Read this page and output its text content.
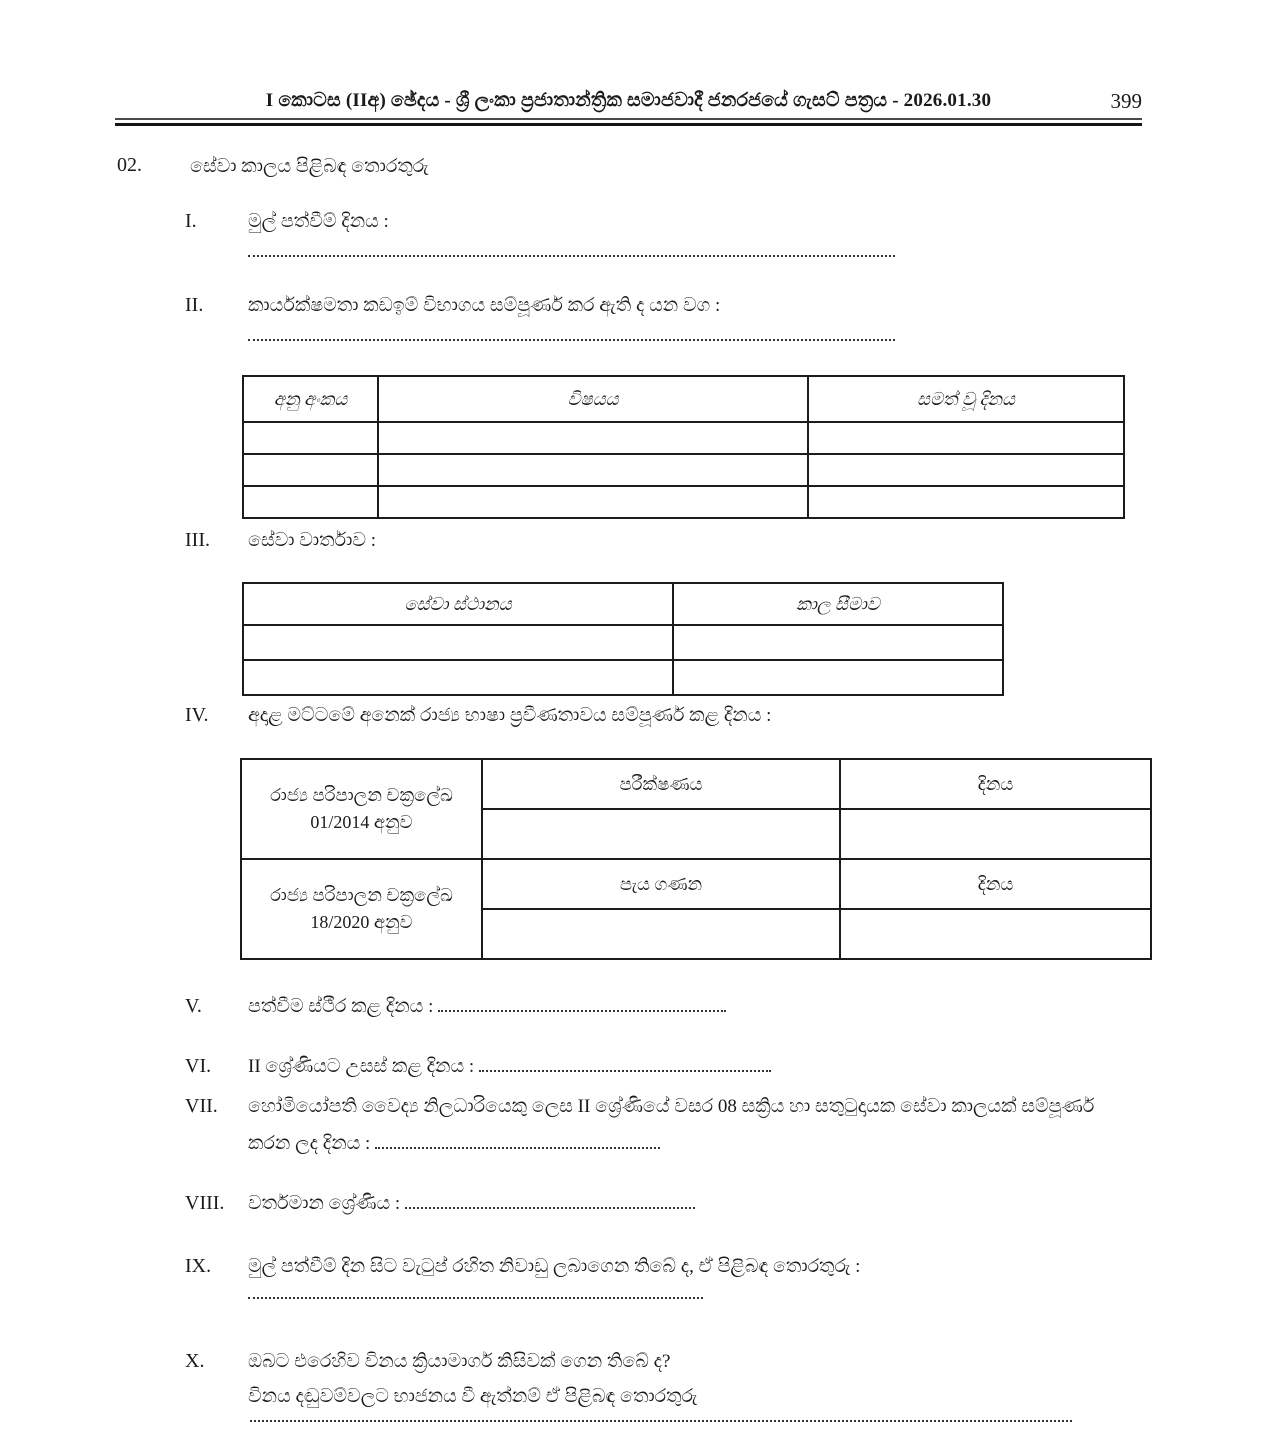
I කොටස (IIඅ) ඡේදය - ශ්‍රී ලංකා ප්‍රජාතාන්ත්‍රික සමාජවාදී ජනරජයේ ගැසට් පත්‍රය - 2026.01.30	399
02.	සේවා කාලය පිළිබඳ තොරතුරු
I.	මුල් පත්වීම් දිනය :
II.	කාර්යක්ෂමතා කඩඉම් විභාගය සම්පූර්ණ කර ඇති ද යන වග :
අනු අංකය	විෂයය	සමත් වූ දිනය

III.	සේවා වාර්තාව :
සේවා ස්ථානය	කාල සීමාව

IV.	අදාළ මට්ටමේ අනෙක් රාජ්‍ය භාෂා ප්‍රවීණතාවය සම්පූර්ණ කළ දිනය :
රාජ්‍ය පරිපාලන චක්‍රලේඛ
01/2014 අනුව	පරීක්ෂණය	දිනය

රාජ්‍ය පරිපාලන චක්‍රලේඛ
18/2020 අනුව	පැය ගණන	දිනය

V.	පත්වීම ස්ථීර කළ දිනය :
VI.	II ශ්‍රේණියට උසස් කළ දිනය :
VII.	හෝමියෝපති වෛද්‍ය නිලධාරියෙකු ලෙස II ශ්‍රේණියේ වසර 08 සක්‍රිය හා සතුටුදායක සේවා කාලයක් සම්පූර්ණ
කරන ලද දිනය :
VIII.	වර්තමාන ශ්‍රේණිය :
IX.	මුල් පත්වීම් දින සිට වැටුප් රහිත නිවාඩු ලබාගෙන තිබේ ද, ඒ පිළිබඳ තොරතුරු :
X.	ඔබට එරෙහිව විනය ක්‍රියාමාර්ග කිසිවක් ගෙන තිබේ ද?
විනය දඬුවම්වලට භාජනය වී ඇත්නම් ඒ පිළිබඳ තොරතුරු
